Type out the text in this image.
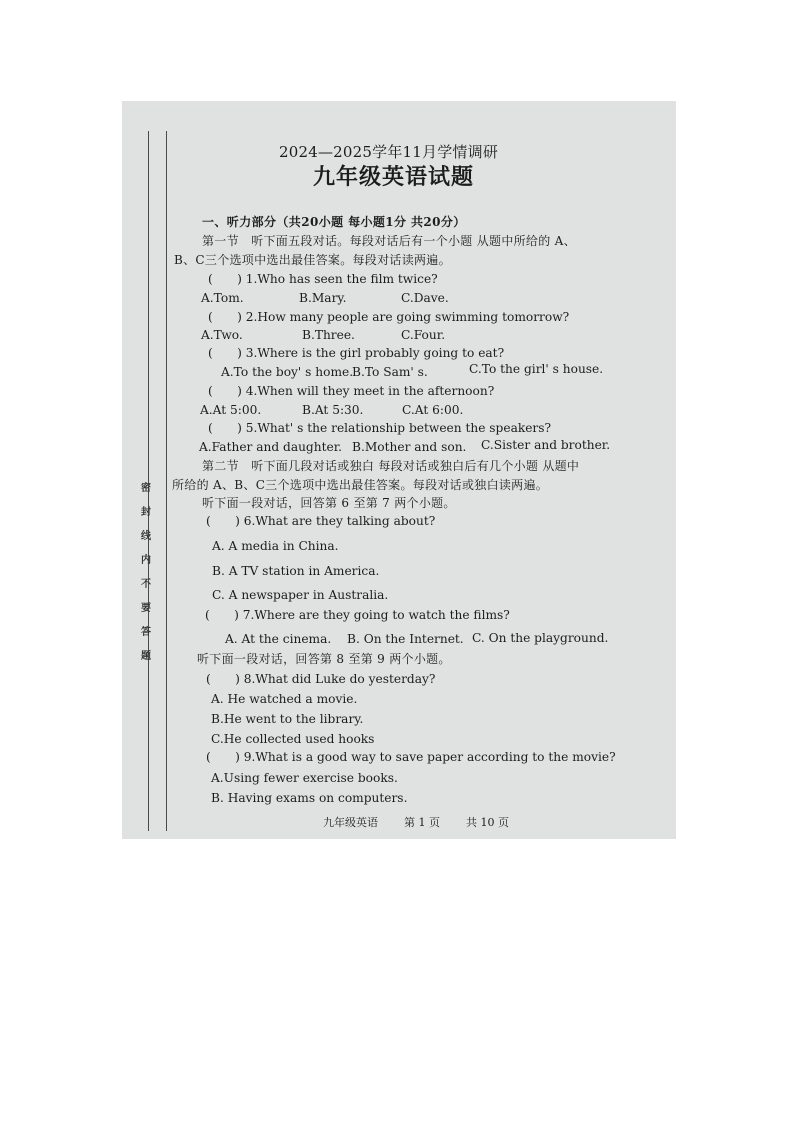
密
封
线
内
不
要
答
题
2024—2025学年11月学情调研
九年级英语试题
一、听力部分（共20小题 每小题1分 共20分）
第一节　听下面五段对话。每段对话后有一个小题 从题中所给的 A、
B、C三个选项中选出最佳答案。每段对话读两遍。
(　　) 1.Who has seen the film twice?
A.Tom.	B.Mary.	C.Dave.
(　　) 2.How many people are going swimming tomorrow?
A.Two.	B.Three.	C.Four.
(　　) 3.Where is the girl probably going to eat?
A.To the boy' s home.
B.To Sam' s.	C.To the girl' s house.
(　　) 4.When will they meet in the afternoon?
A.At 5:00.	B.At 5:30.	C.At 6:00.
(　　) 5.What' s the relationship between the speakers?
A.Father and daughter. B.Mother and son. C.Sister and brother.
第二节　听下面几段对话或独白 每段对话或独白后有几个小题 从题中
所给的 A、B、C三个选项中选出最佳答案。每段对话或独白读两遍。
听下面一段对话，回答第 6 至第 7 两个小题。
(　　) 6.What are they talking about?
A. A media in China.
B. A TV station in America.
C. A newspaper in Australia.
(　　) 7.Where are they going to watch the films?
A. At the cinema. B. On the Internet. C. On the playground.
听下面一段对话，回答第 8 至第 9 两个小题。
(　　) 8.What did Luke do yesterday?
A. He watched a movie.
B.He went to the library.
C.He collected used hooks
(　　) 9.What is a good way to save paper according to the movie?
A.Using fewer exercise books.
B. Having exams on computers.
九年级英语 第 1 页 共 10 页
